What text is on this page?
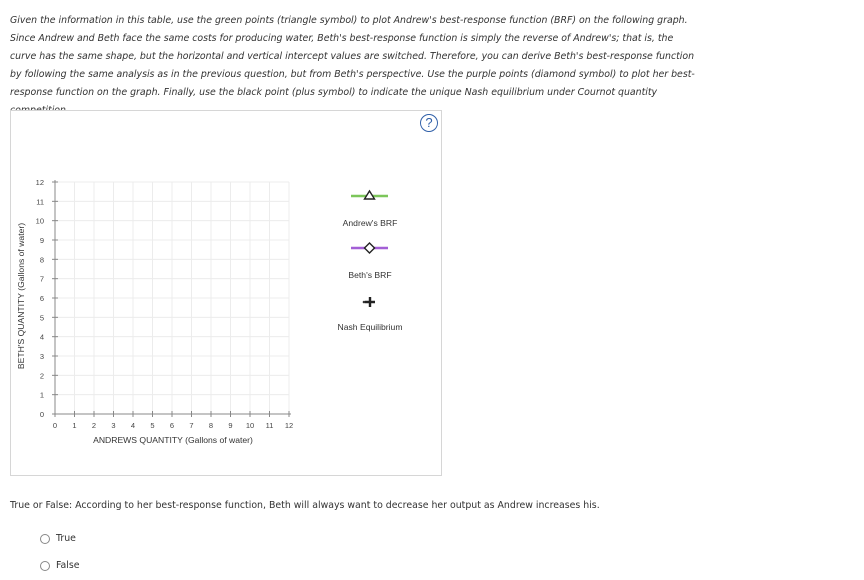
Given the information in this table, use the green points (triangle symbol) to plot Andrew's best-response function (BRF) on the following graph. Since Andrew and Beth face the same costs for producing water, Beth's best-response function is simply the reverse of Andrew's; that is, the curve has the same shape, but the horizontal and vertical intercept values are switched. Therefore, you can derive Beth's best-response function by following the same analysis as in the previous question, but from Beth's perspective. Use the purple points (diamond symbol) to plot her best-response function on the graph. Finally, use the black point (plus symbol) to indicate the unique Nash equilibrium under Cournot quantity

0 1 2 3 4 5 6 7 8 9 10 11 12
0
1
2
3
4
5
6
7
8
9
10
11
12
ANDREWS QUANTITY (Gallons of water)
BETH'S QUANTITY (Gallons of water)	Andrew's BRF
Beth's BRF
Nash Equilibrium
?

True or False: According to her best-response function, Beth will always want to decrease her output as Andrew increases his.

True
False
